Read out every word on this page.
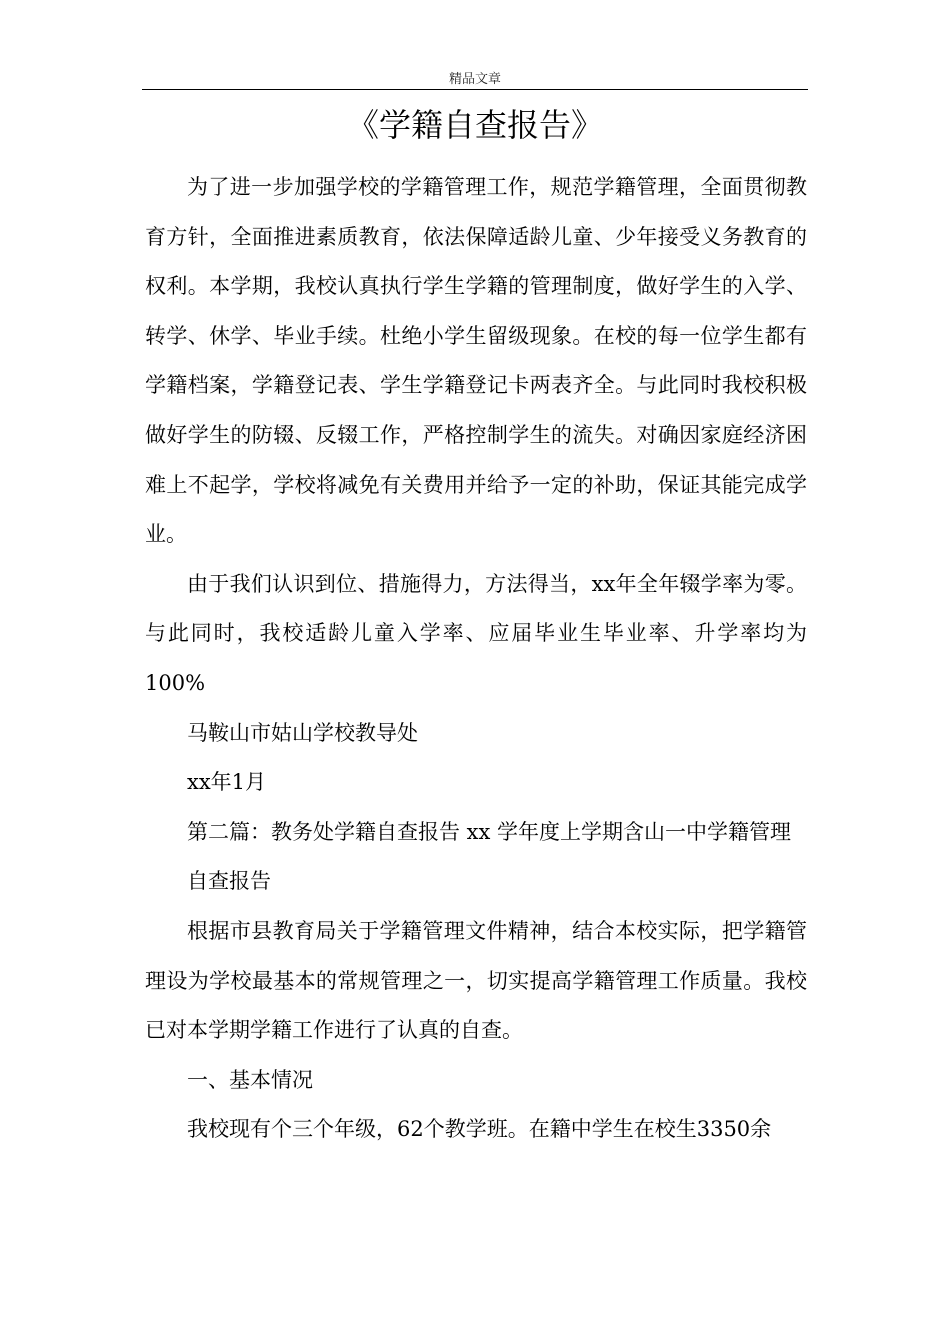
精品文章
《学籍自查报告》

为了进一步加强学校的学籍管理工作，规范学籍管理，全面贯彻教育方针，全面推进素质教育，依法保障适龄儿童、少年接受义务教育的权利。本学期，我校认真执行学生学籍的管理制度，做好学生的入学、转学、休学、毕业手续。杜绝小学生留级现象。在校的每一位学生都有学籍档案，学籍登记表、学生学籍登记卡两表齐全。与此同时我校积极做好学生的防辍、反辍工作，严格控制学生的流失。对确因家庭经济困难上不起学，学校将减免有关费用并给予一定的补助，保证其能完成学业。

由于我们认识到位、措施得力，方法得当，xx年全年辍学率为零。与此同时，我校适龄儿童入学率、应届毕业生毕业率、升学率均为100%

马鞍山市姑山学校教导处

xx年1月

第二篇：教务处学籍自查报告 xx 学年度上学期含山一中学籍管理

自查报告

根据市县教育局关于学籍管理文件精神，结合本校实际，把学籍管理设为学校最基本的常规管理之一，切实提高学籍管理工作质量。我校已对本学期学籍工作进行了认真的自查。

一、基本情况

我校现有个三个年级，62个教学班。在籍中学生在校生3350余
